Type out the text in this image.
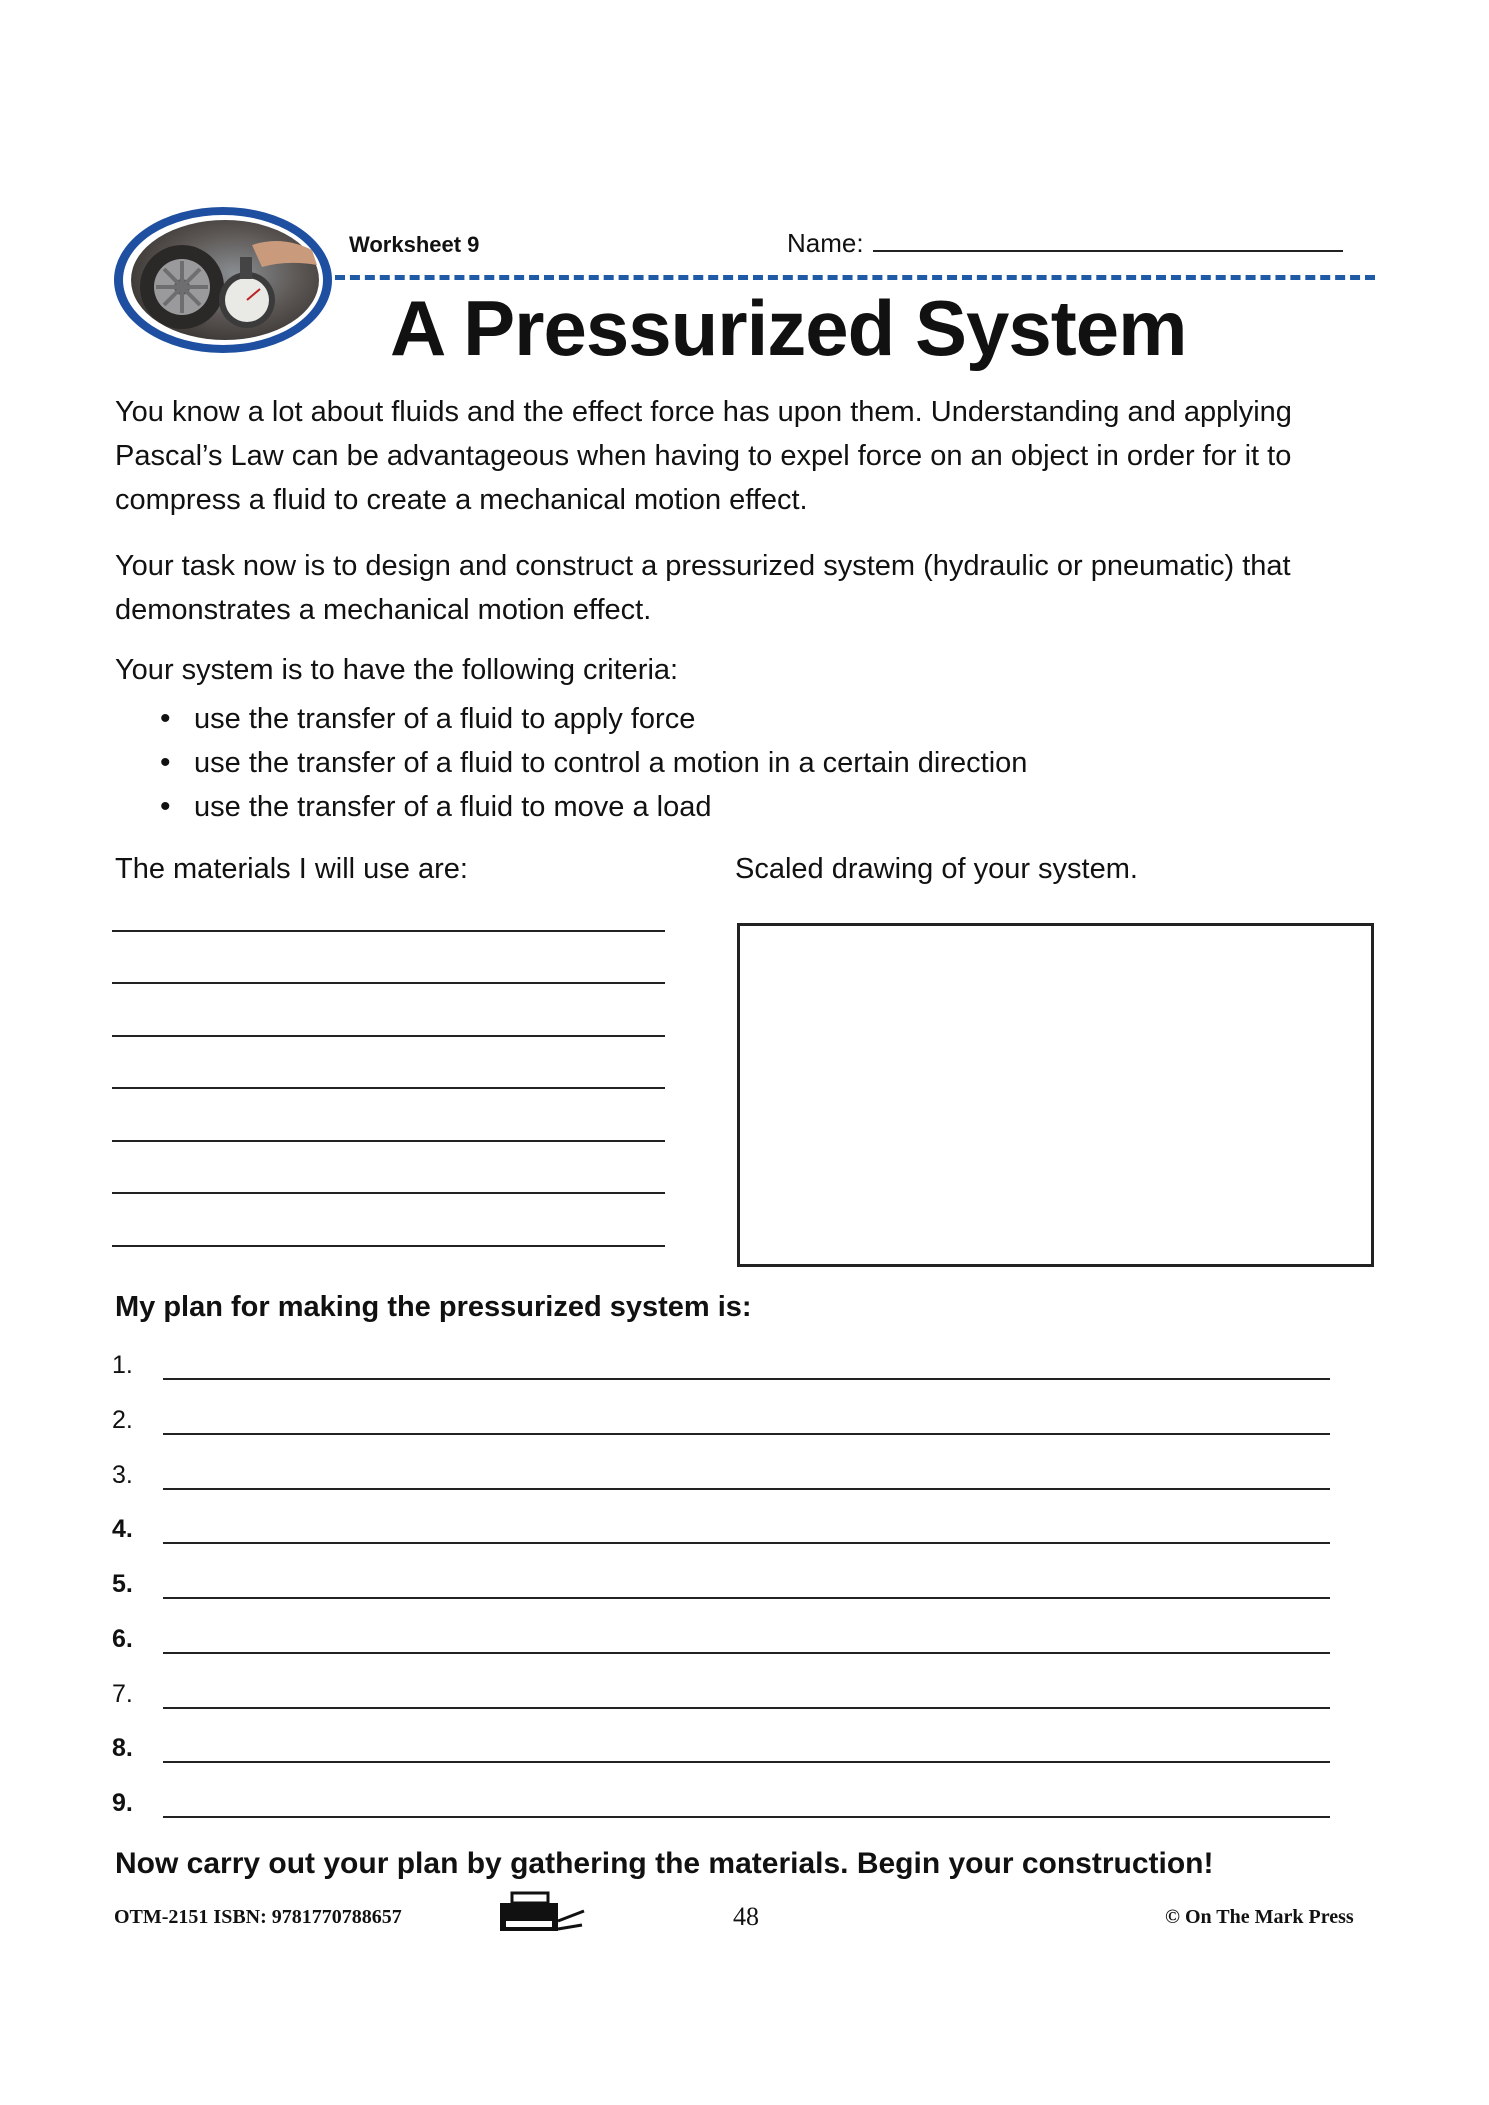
Worksheet 9	Name:
A Pressurized System
You know a lot about fluids and the effect force has upon them. Understanding and applying Pascal’s Law can be advantageous when having to expel force on an object in order for it to compress a fluid to create a mechanical motion effect.
Your task now is to design and construct a pressurized system (hydraulic or pneumatic) that demonstrates a mechanical motion effect.
Your system is to have the following criteria:
• use the transfer of a fluid to apply force
• use the transfer of a fluid to control a motion in a certain direction
• use the transfer of a fluid to move a load
The materials I will use are:	Scaled drawing of your system.
My plan for making the pressurized system is:
1.
2.
3.
4.
5.
6.
7.
8.
9.
Now carry out your plan by gathering the materials. Begin your construction!
OTM-2151 ISBN: 9781770788657	48	© On The Mark Press
